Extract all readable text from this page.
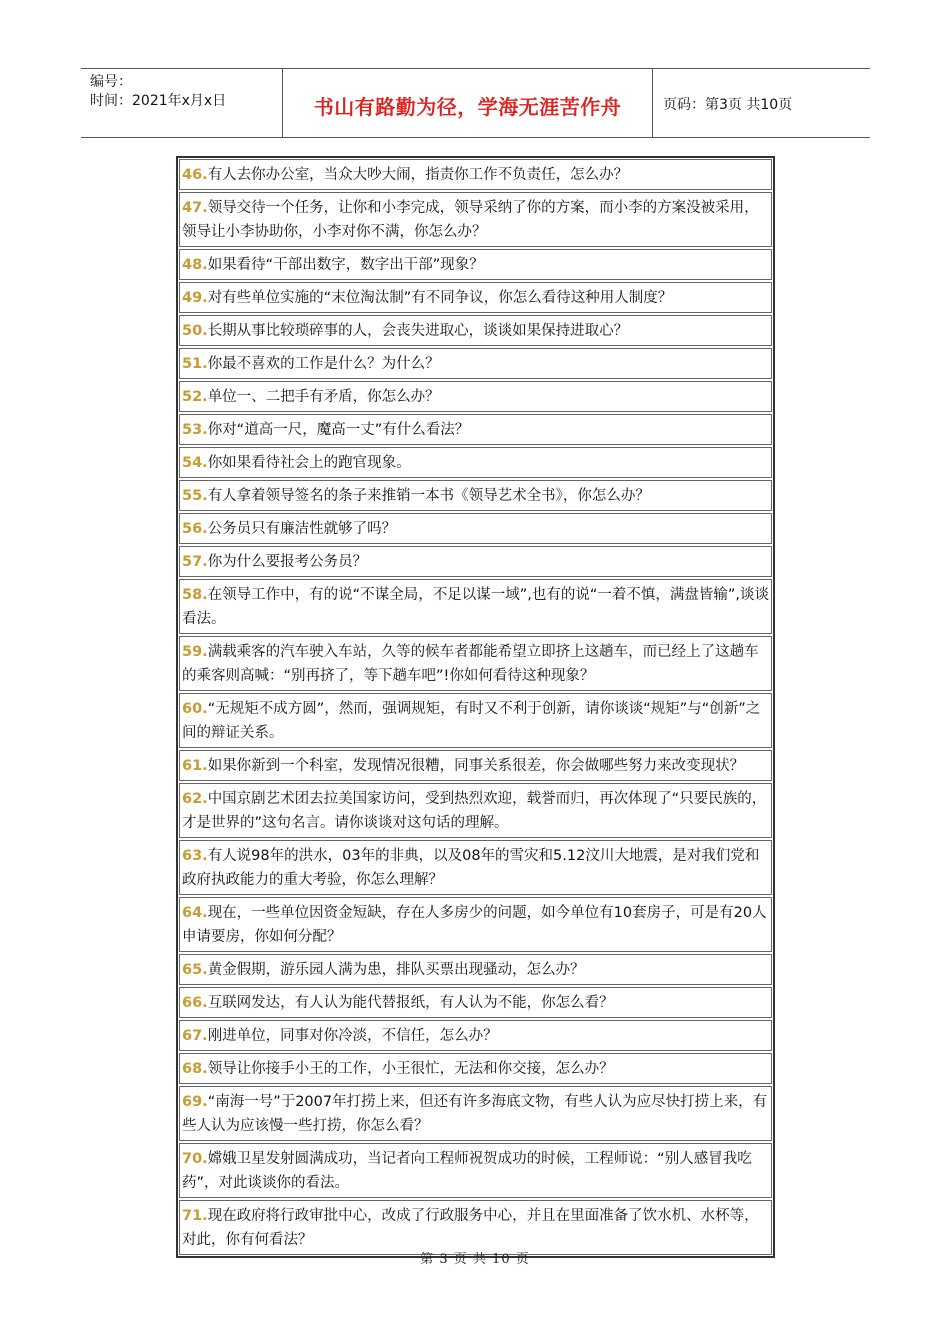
编号：
时间：2021年x月x日	书山有路勤为径，学海无涯苦作舟	页码：第3页 共10页
46.有人去你办公室，当众大吵大闹，指责你工作不负责任，怎么办？
47.领导交待一个任务，让你和小李完成，领导采纳了你的方案，而小李的方案没被采用，领导让小李协助你，小李对你不满，你怎么办？
48.如果看待“干部出数字，数字出干部”现象？
49.对有些单位实施的“末位淘汰制”有不同争议，你怎么看待这种用人制度？
50.长期从事比较琐碎事的人，会丧失进取心，谈谈如果保持进取心？
51.你最不喜欢的工作是什么？为什么？
52.单位一、二把手有矛盾，你怎么办？
53.你对“道高一尺，魔高一丈”有什么看法？
54.你如果看待社会上的跑官现象。
55.有人拿着领导签名的条子来推销一本书《领导艺术全书》，你怎么办？
56.公务员只有廉洁性就够了吗？
57.你为什么要报考公务员？
58.在领导工作中，有的说“不谋全局，不足以谋一域”,也有的说“一着不慎，满盘皆输”,谈谈看法。
59.满载乘客的汽车驶入车站，久等的候车者都能希望立即挤上这趟车，而已经上了这趟车的乘客则高喊：“别再挤了，等下趟车吧”!你如何看待这种现象？
60.“无规矩不成方圆”，然而，强调规矩，有时又不利于创新，请你谈谈“规矩”与“创新”之间的辩证关系。
61.如果你新到一个科室，发现情况很糟，同事关系很差，你会做哪些努力来改变现状？
62.中国京剧艺术团去拉美国家访问，受到热烈欢迎，载誉而归，再次体现了“只要民族的，才是世界的”这句名言。请你谈谈对这句话的理解。
63.有人说98年的洪水，03年的非典，以及08年的雪灾和5.12汶川大地震，是对我们党和政府执政能力的重大考验，你怎么理解？
64.现在，一些单位因资金短缺，存在人多房少的问题，如今单位有10套房子，可是有20人申请要房，你如何分配？
65.黄金假期，游乐园人满为患，排队买票出现骚动，怎么办？
66.互联网发达，有人认为能代替报纸，有人认为不能，你怎么看？
67.刚进单位，同事对你冷淡，不信任，怎么办？
68.领导让你接手小王的工作，小王很忙，无法和你交接，怎么办？
69.“南海一号”于2007年打捞上来，但还有许多海底文物，有些人认为应尽快打捞上来，有些人认为应该慢一些打捞，你怎么看？
70.嫦娥卫星发射圆满成功，当记者向工程师祝贺成功的时候，工程师说：“别人感冒我吃药”，对此谈谈你的看法。
71.现在政府将行政审批中心，改成了行政服务中心，并且在里面准备了饮水机、水杯等，对此，你有何看法？
第 3 页 共 10 页
